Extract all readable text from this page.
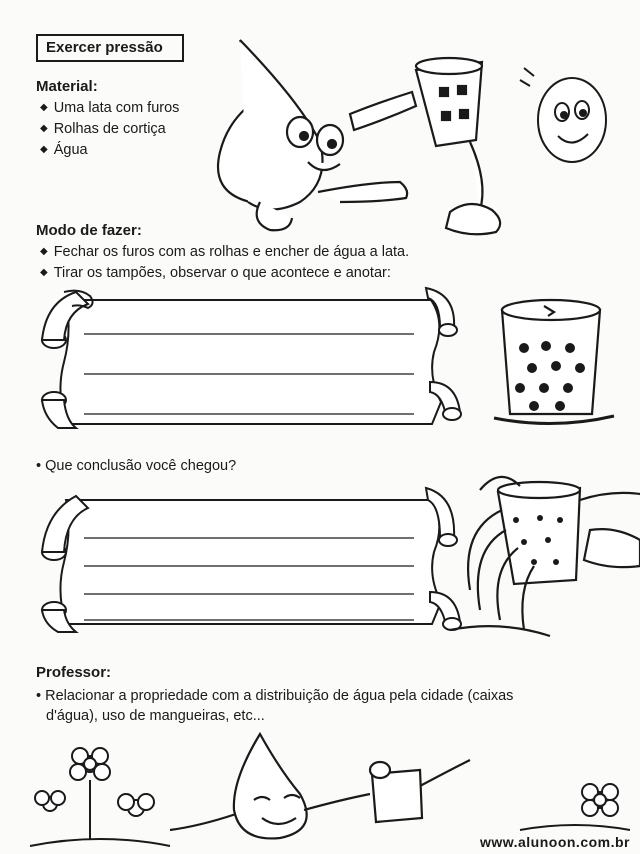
Exercer pressão
Material:
◆ Uma lata com furos
◆ Rolhas de cortiça
◆ Água
Modo de fazer:
◆ Fechar os furos com as rolhas e encher de água a lata.
◆ Tirar os tampões, observar o que acontece e anotar:
• Que conclusão você chegou?
Professor:
• Relacionar a propriedade com a distribuição de água pela cidade (caixas
d'água), uso de mangueiras, etc...
www.alunoon.com.br
